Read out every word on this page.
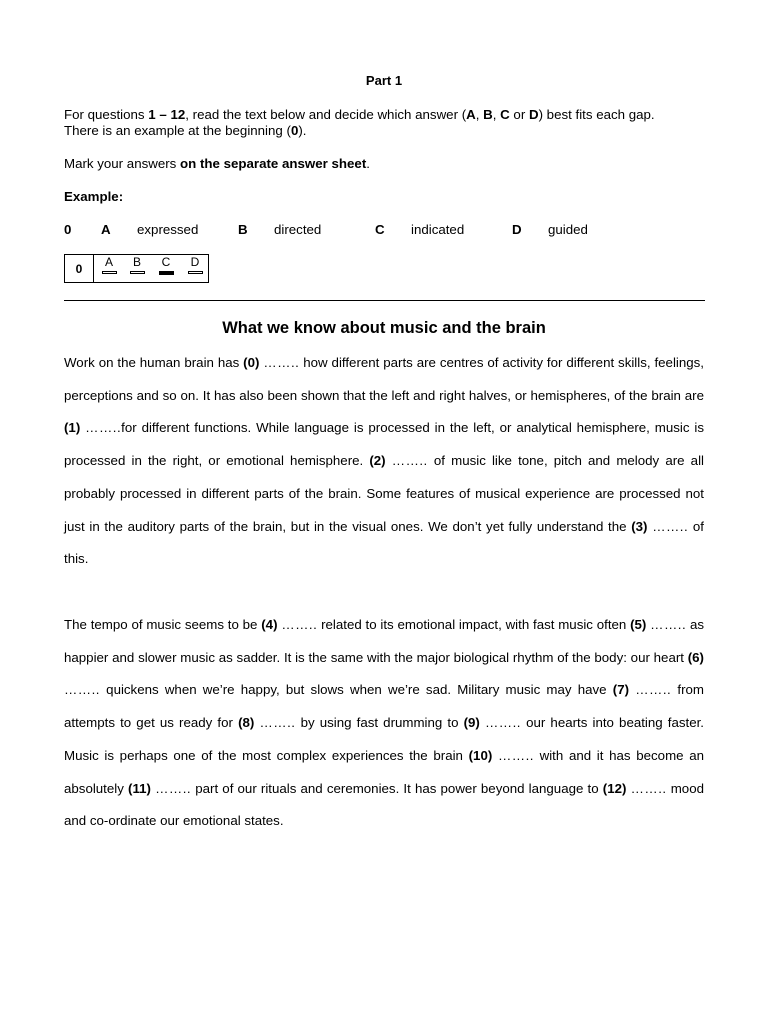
Part 1
For questions 1 – 12, read the text below and decide which answer (A, B, C or D) best fits each gap.
There is an example at the beginning (0).
Mark your answers on the separate answer sheet.
Example:
0 A expressed	B directed	C indicated	D guided
0	A	B	C	D
What we know about music and the brain
Work on the human brain has (0) …….. how different parts are centres of activity for different skills, feelings, perceptions and so on. It has also been shown that the left and right halves, or hemispheres, of the brain are (1) ……..for different functions. While language is processed in the left, or analytical hemisphere, music is processed in the right, or emotional hemisphere. (2) …….. of music like tone, pitch and melody are all probably processed in different parts of the brain. Some features of musical experience are processed not just in the auditory parts of the brain, but in the visual ones. We don’t yet fully understand the (3) …….. of this.
The tempo of music seems to be (4) …….. related to its emotional impact, with fast music often (5) …….. as happier and slower music as sadder. It is the same with the major biological rhythm of the body: our heart (6) …….. quickens when we’re happy, but slows when we’re sad. Military music may have (7) …….. from attempts to get us ready for (8) …….. by using fast drumming to (9) …….. our hearts into beating faster. Music is perhaps one of the most complex experiences the brain (10) …….. with and it has become an absolutely (11) …….. part of our rituals and ceremonies. It has power beyond language to (12) …….. mood and co-ordinate our emotional states.
